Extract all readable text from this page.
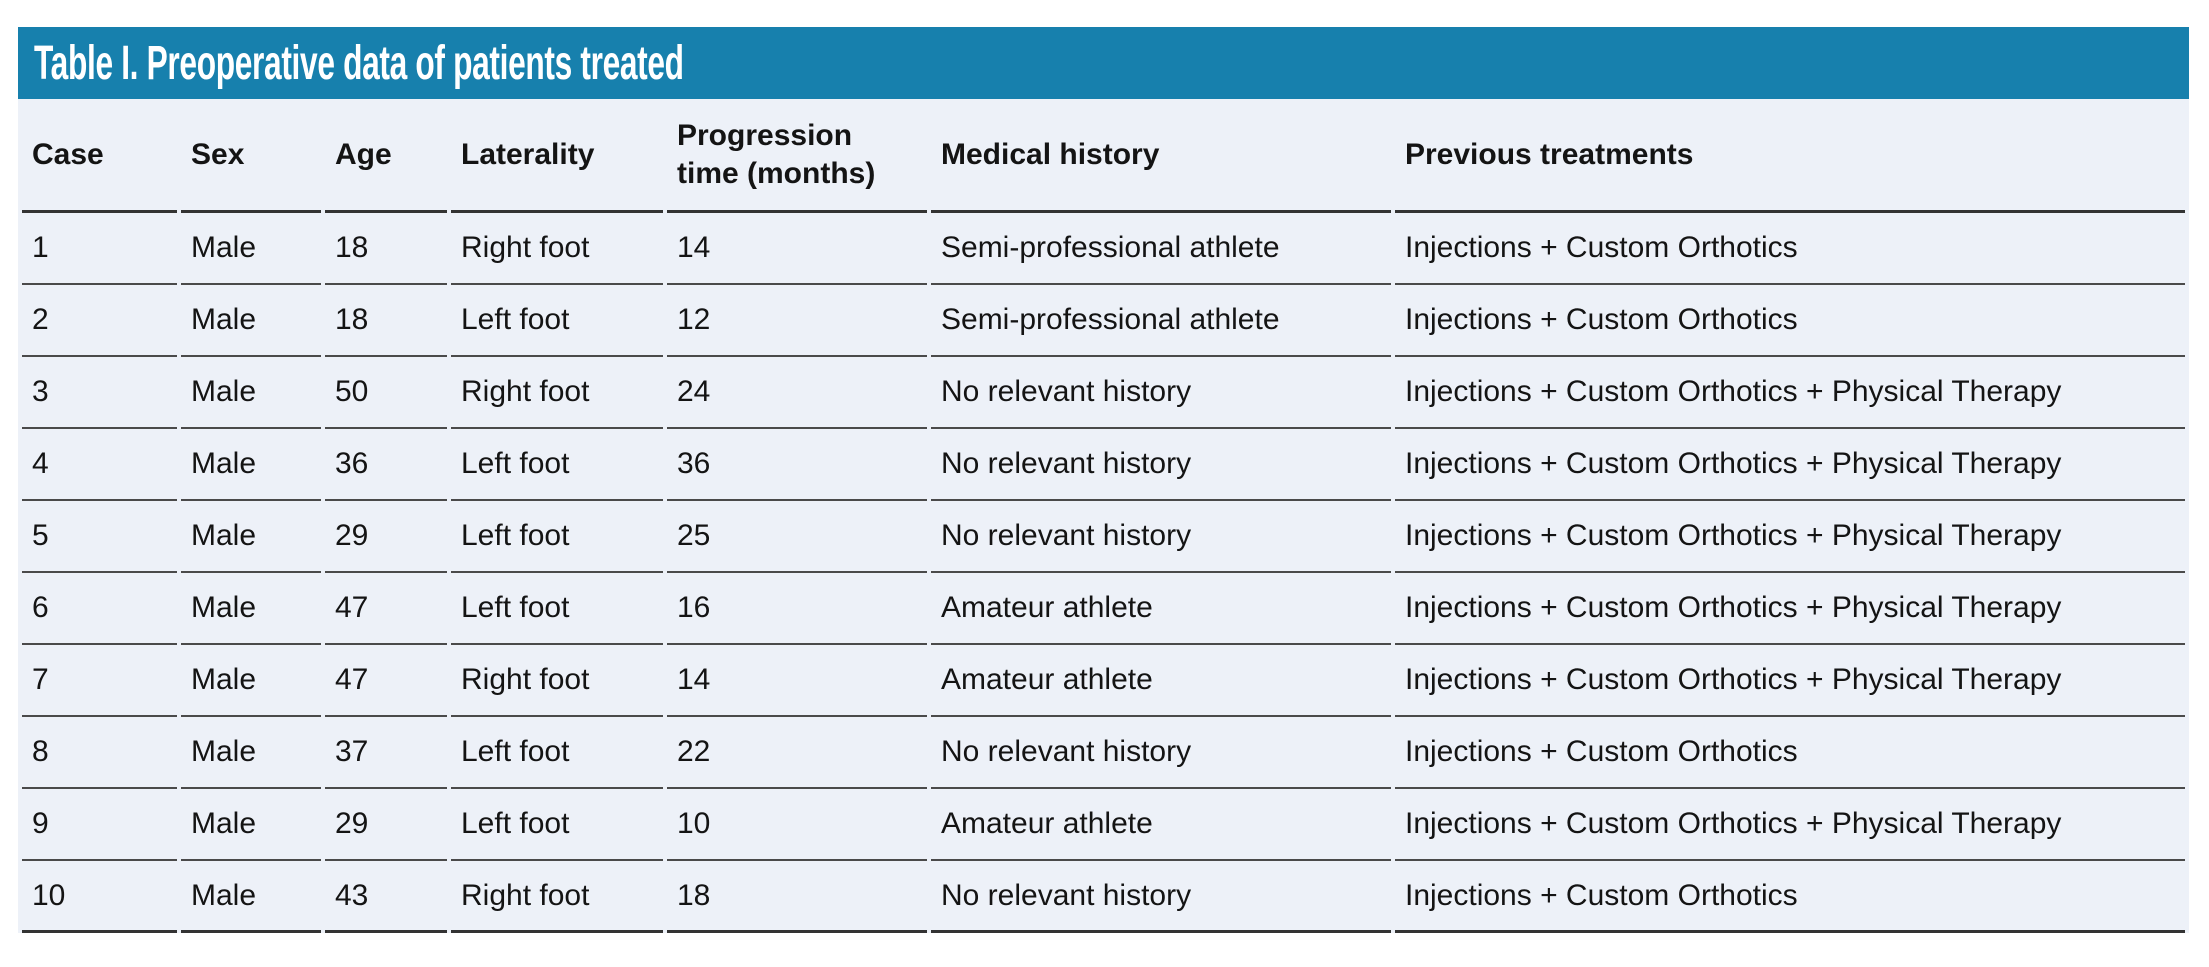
Table I. Preoperative data of patients treated
Case	Sex	Age	Laterality	Progression time (months)	Medical history	Previous treatments
1	Male	18	Right foot	14	Semi-professional athlete	Injections + Custom Orthotics
2	Male	18	Left foot	12	Semi-professional athlete	Injections + Custom Orthotics
3	Male	50	Right foot	24	No relevant history	Injections + Custom Orthotics + Physical Therapy
4	Male	36	Left foot	36	No relevant history	Injections + Custom Orthotics + Physical Therapy
5	Male	29	Left foot	25	No relevant history	Injections + Custom Orthotics + Physical Therapy
6	Male	47	Left foot	16	Amateur athlete	Injections + Custom Orthotics + Physical Therapy
7	Male	47	Right foot	14	Amateur athlete	Injections + Custom Orthotics + Physical Therapy
8	Male	37	Left foot	22	No relevant history	Injections + Custom Orthotics
9	Male	29	Left foot	10	Amateur athlete	Injections + Custom Orthotics + Physical Therapy
10	Male	43	Right foot	18	No relevant history	Injections + Custom Orthotics
